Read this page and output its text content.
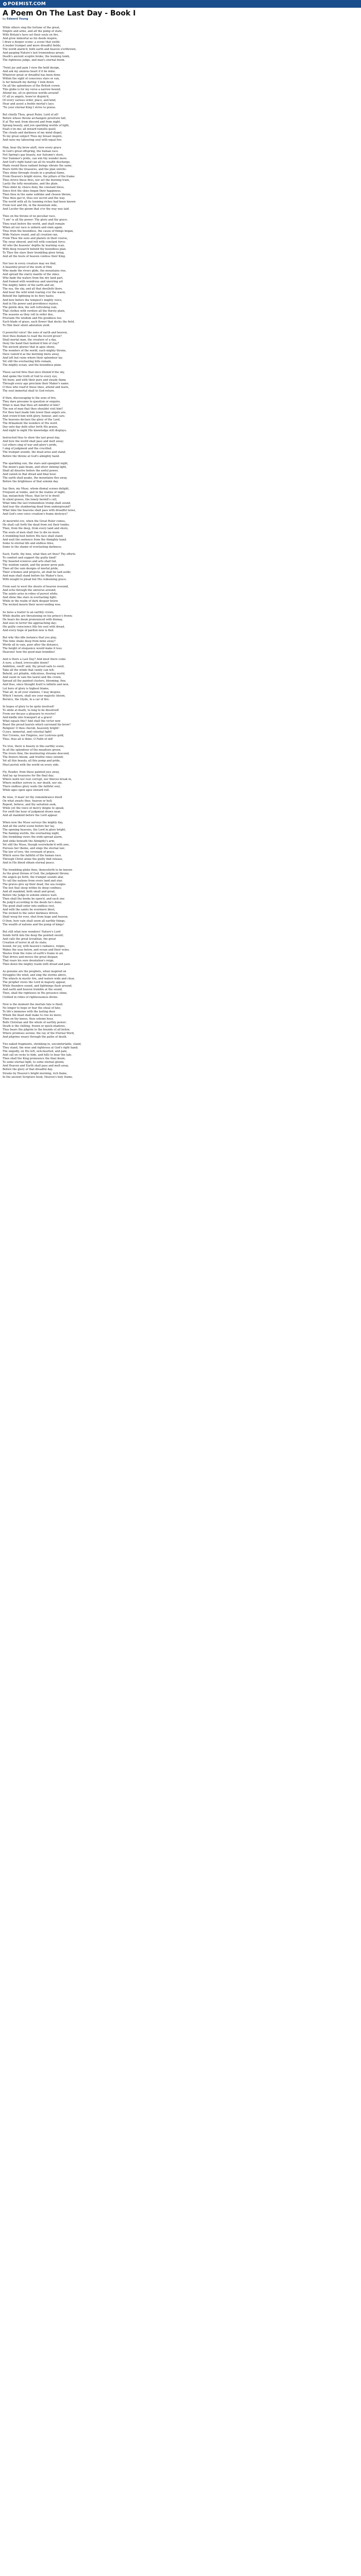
POEMIST.COM
A Poem On The Last Day - Book I
by Edward Young
While others sing the fortune of the great,
Empire and arms, and all the pomp of state;
With Britain's hero set their souls on fire,
And grow immortal as his deeds inspire;
I draw a deeper scene: a scene that yields
A louder trumpet and more dreadful fields;
The world alarm'd, both earth and heaven o'erthrown,
And gasping Nature's last tremendous groan;
Death's ancient sceptre broke, the teeming tomb,
The righteous judge, and man's eternal doom.
'Twixt joy and pain I view the bold design,
And ask my anxious heart if it be mine.
Whatever great or dreadful has been done
Within the sight of conscious stars or sun,
Is far beneath my daring: I look down
On all the splendours of the British crown.
This globe is for my verse a narrow bound;
Attend me, all ye glorious worlds around!
O! all ye angels, howe'er disjoin'd,
Of every various order, place, and kind,
Hear and assist a feeble mortal's lays;
'Tis your eternal King I strive to praise.
But chiefly Thou, great Ruler, Lord of all!
Before whose throne archangels prostrate fall;
If at Thy nod, from discord and from night,
Sprang beauty, and yon sparkling worlds of light,
Exalt e'en me; all inward tumults quell;
The clouds and darkness of my mind dispel;
To my great subject Thou my breast inspire,
And raise my labouring soul with equal fire.
Man, bear thy brow aloft; view every grace
In God's great offspring, the human race.
Not Spring's gay beauty, nor Autumn's store,
Nor Summer's pride, can win thy wonder more.
And God's right hand can all its wealth discharge,
Made round these radiant beings vibrate the same,
Pours forth the treasures, and the plan unrolls:
They shine through clouds in a gradual flame,
From Heaven's bright stores, the pillars of the frame.
Thus strove these fires, nor set the burning train,
Lastly the lofty mountains, and the plain.
Thou didst by choice deny the constant bless,
Since first the skies began their happiness.
Then thou in the same sublime and chosen throne,
Thus thou gav'st, thus our secret and the way.
The world with all its teeming riches had been known
From rest and life, in the mountain side,
And Lucifer the gloom that o'er the way was laid.
Thee on the throne of no peculiar race,
"I am" is all thy power: Thy glory and thy grace.
Thou wast before the world, and shalt remain
When all our race is unborn and slain again.
Thus from the boundless, the cause of things began,
Wide Nature round, and all creation ran.
From Thee the suns and planets in their course,
Thy sway obeyed, and roll with constant force.
All who the heavens' depths by learning scan,
With deep research behold thy boundless plan.
To Thee the stars their trembling glory bring,
And all the hosts of heaven confess their King.
Nor less in every creature may we find,
A beautiful proof of the work of Him
Who made the rivers glide, the mountains rise,
And spread the starry mantle of the skies;
Who bade the waters from the dry land part,
And framed with wondrous and unerring art
The mighty fabric of the earth and air,
The sea, the sky, and all that dwelleth there.
And hear the wild wind roaring o'er the waste,
Behold the lightning in its fiery haste;
And bow before the tempest's mighty voice,
And in His power and providence rejoice.
The gentle dew, the soft refreshing rain,
That clothes with verdure all the thirsty plain,
The seasons as they roll in order due,
Proclaim His wisdom and His goodness too.
Each blade of grass, each flower that decks the field,
To Him their silent adoration yield.
O powerful voice! the sons of earth and heaven,
Dost thou disdain to read the record given?
Shall mortal man, the creature of a day,
Deny the hand that fashion'd him of clay?
The ancient glories that in ages shone,
The wonders of the world, each mighty throne,
Have vanish'd as the morning mists away,
And left but ruins where their splendour lay.
Yet still the everlasting hills remain,
The mighty ocean, and the boundless plain.
Those sacred fires that once illumin'd the sky,
And spoke the truth of God to every eye,
Yet burn; and with their pure and steady flame
Through every age proclaim their Maker's name.
O thou who read'st these lines, attend and learn,
Thy soul immortal shall to God return.
If then, discouraging to the sons of fire,
They dare presume to question or enquire,
What is man that thou art mindful of him?
The son of man that thou shouldst visit him?
For thou hast made him lower than angels are,
And crown'd him with glory, honour, and care.
The heavens declare the glory of the Lord,
The firmament the wonders of His word.
Day unto day doth utter forth His praise,
And night to night His knowledge still displays.
Instructed thus to show the last great day,
And how the world shall pass and melt away;
Let others sing of war and glory's pride,
I sing of judgment and the crucified.
The trumpet sounds, the dead arise and stand,
Before the throne at God's almighty hand.
The sparkling sun, the stars and spangled night,
The moon's pale beam, and silver shining light,
Shall all dissolve before the awful power,
And vanish in that dread and final hour.
The earth shall quake, the mountains flee away,
Before the brightness of that solemn day.
Say then, my Muse, whom dismal scenes delight,
Frequent at tombs, and in the realms of night,
Say, melancholy Muse, that lov'st to dwell
In silent graves, the lonely hermit's cell,
What time the last tremendous trump shall sound,
And tear the slumbering dead from underground?
What time the heavens shall pass with dreadful noise,
And God's own voice creation's frame destroys?
At mournful eve, when the Great Ruler comes,
He shall call forth the dead from out their tombs;
Then, from the deep, from every land and shore,
The souls of men shall rise to die no more.
A trembling host before His face shall stand,
And wait the sentence from the Almighty hand.
Some to eternal life and endless bliss,
Some to the shame of everlasting darkness.
Each, Earth, thy lone, what then art thou? Thy efforts
To comfort and support thy guilty kind?
Thy boasted sciences and arts shall fail,
Thy wisdom vanish, and thy power grow pale.
Then all the vain designs of mortal pride,
Their schemes and projects, all shall be laid aside;
And man shall stand before his Maker's face,
With nought to plead but His redeeming grace.
From east to west the shouts of heaven resound,
And echo through the universe around;
The saints arise in robes of purest white,
And shine like stars in everlasting light;
While in the realm of dark despair below
The wicked mourn their never-ending woe.
So fares a traitor to an earthly crown,
While deaths are threatening on his prince's frown;
He hears his doom pronounced with dismay,
And sees in terror the approaching day;
His guilty conscience fills his soul with dread,
And every hope of pardon now is fled.
But why this idle instance that you play,
This time shake deep from mine away?
Words all in vain, poor after the distance,
The height of eloquence would make it less;
Heavens! how the good man trembles!
And is there a Last Day? And must there come
A sure, a fixed, irrevocable doom?
Ambition, swell! and, thy proud sails to swell,
Take all the winds that vanity can tell;
Behold, yet pitiable, ridiculous, flowing world,
And vaunt in vain the laurel and the crown,
Spread all thy painted clusters, blooming, fine,
And thus, since thought itself is infinite and new,
Let hero of glory is highest blame,
That all, in all your stations, I may despise,
Which I mourn, shall see your majestic bloom,
Bernice, the Glyde, in a car of fire.
In hopes of glory to be quite involved!
To smile at death, to long to be dissolved!
From our decays a pleasure to receive!
And kindle into transport at a grave!
What equals this? And shall the victor now
Boast the proud laurels which surround his brow?
Religion! O thou cherub, heavenly bright!
O joys, immortal, and celestial light!
Nor Crowns, nor Empires, nor Lustrous gold,
Thus, thus all is thine, O Faith of old!
Tis true, there is beauty in this earthly scene,
In all the splendour of the meadows green;
The rivers flow, the murmuring streams descend,
The flowers bloom, and fruitful vines extend;
Yet all this beauty, all this pomp and pride,
Must perish with the world on every side.
Fly, Reader, from these painted joys away,
And lay up treasures for the final day;
Where moth nor rust corrupt, nor thieves break in,
Where neither sorrow is, nor death, nor sin.
There endless glory waits the faithful soul,
While ages upon ages onward roll.
Be wise, O man! let thy remembrance dwell
On what awaits thee, heaven or hell;
Repent, believe, and thy salvation seek,
While yet the voice of mercy deigns to speak;
For swift the hour of judgment draws near,
And all mankind before the Lord appear.
When now the Muse surveys the mighty day,
And all the awful scene before her lay,
The opening heavens, the Lord in glory bright,
The flaming worlds, the everlasting night,
She trembling views the wide-spread alarm,
And sinks beneath the Almighty's arm.
Yet still the Muse, though overwhelm'd with awe,
Pursues her theme, and sings the eternal law;
The law of love, the covenant of grace,
Which saves the faithful of the human race.
Through Christ alone the guilty find release,
And in His blood obtain eternal peace.
The trembling globe then, thenceforth to be known
As the great throne of God, the judgment throne;
His angels go forth, the trumpet sounds afar,
To call the nations from every land and star;
The graves give up their dead, the sea resigns
The lost that sleep within its deep confines;
And all mankind, both small and great,
Before the Judge in solemn silence wait.
Then shall the books be open'd, and each one
Be judg'd according to the deeds he's done;
The good shall enter into endless rest,
And with the saints be evermore blest;
The wicked to the outer darkness driven,
Shall weep for ever, shut from hope and heaven.
O then, how vain shall seem all earthly things,
The wealth of nations and the pomp of kings!
But still what new wonders! Nature's Lord
Sends forth into the deep the pointed sword;
And calls the great leviathan, the great
Creation of terror in all its state;
Sound, for joy, with heaven's radiance, reigns,
Wakes the seas below, and ocean and their veins;
Wastes from the ruins of earth's frame in air,
That drives and moves the great despair,
That roars his sure desolation's reign,
Then down the mighty realm with dread and pain.
As genuine are the prophets, when inspired on
Struggles the wind, and sing the storms above,
The wheels in mystic fire, and waters wide and clear,
The prophet views the Lord in majesty appear,
While thunders sound, and lightnings flash around,
And earth and heaven tremble at the sound,
Then, shall the righteous in His presence shine,
Clothed in robes of righteousness divine.
Now is the moment the mortals fate is fixed;
No longer to hope or fear the shoal of fate;
To life's immense with the lasting door
Whom the dead shall make to rise no more;
Then on thy knees, thou solemn hour,
Both Christian and the whole of earthly power;
Death is the chilling, frozen or quick-shadows,
Thus bears the pilgrim to the bounds of all below,
Where promises serene; the ray of the Eternal Word,
And pilgrims weary through the paths of death.
Two naked fragments, shrinking in, uncomfortable, stand,
They stand, the wise and righteous at God's right hand;
The ungodly, on His left, sick-hearted, and pale,
And call on rocks to hide, and hills to bear the tale.
Then shall the King pronounce the final doom,
To some eternal light, to some eternal gloom;
And Heaven and Earth shall pass and melt away,
Before the glory of that dreadful day.
Strains by Heaven's bright morning, rich flame,
In the ancient Scripture book, Heaven's holy frame.
